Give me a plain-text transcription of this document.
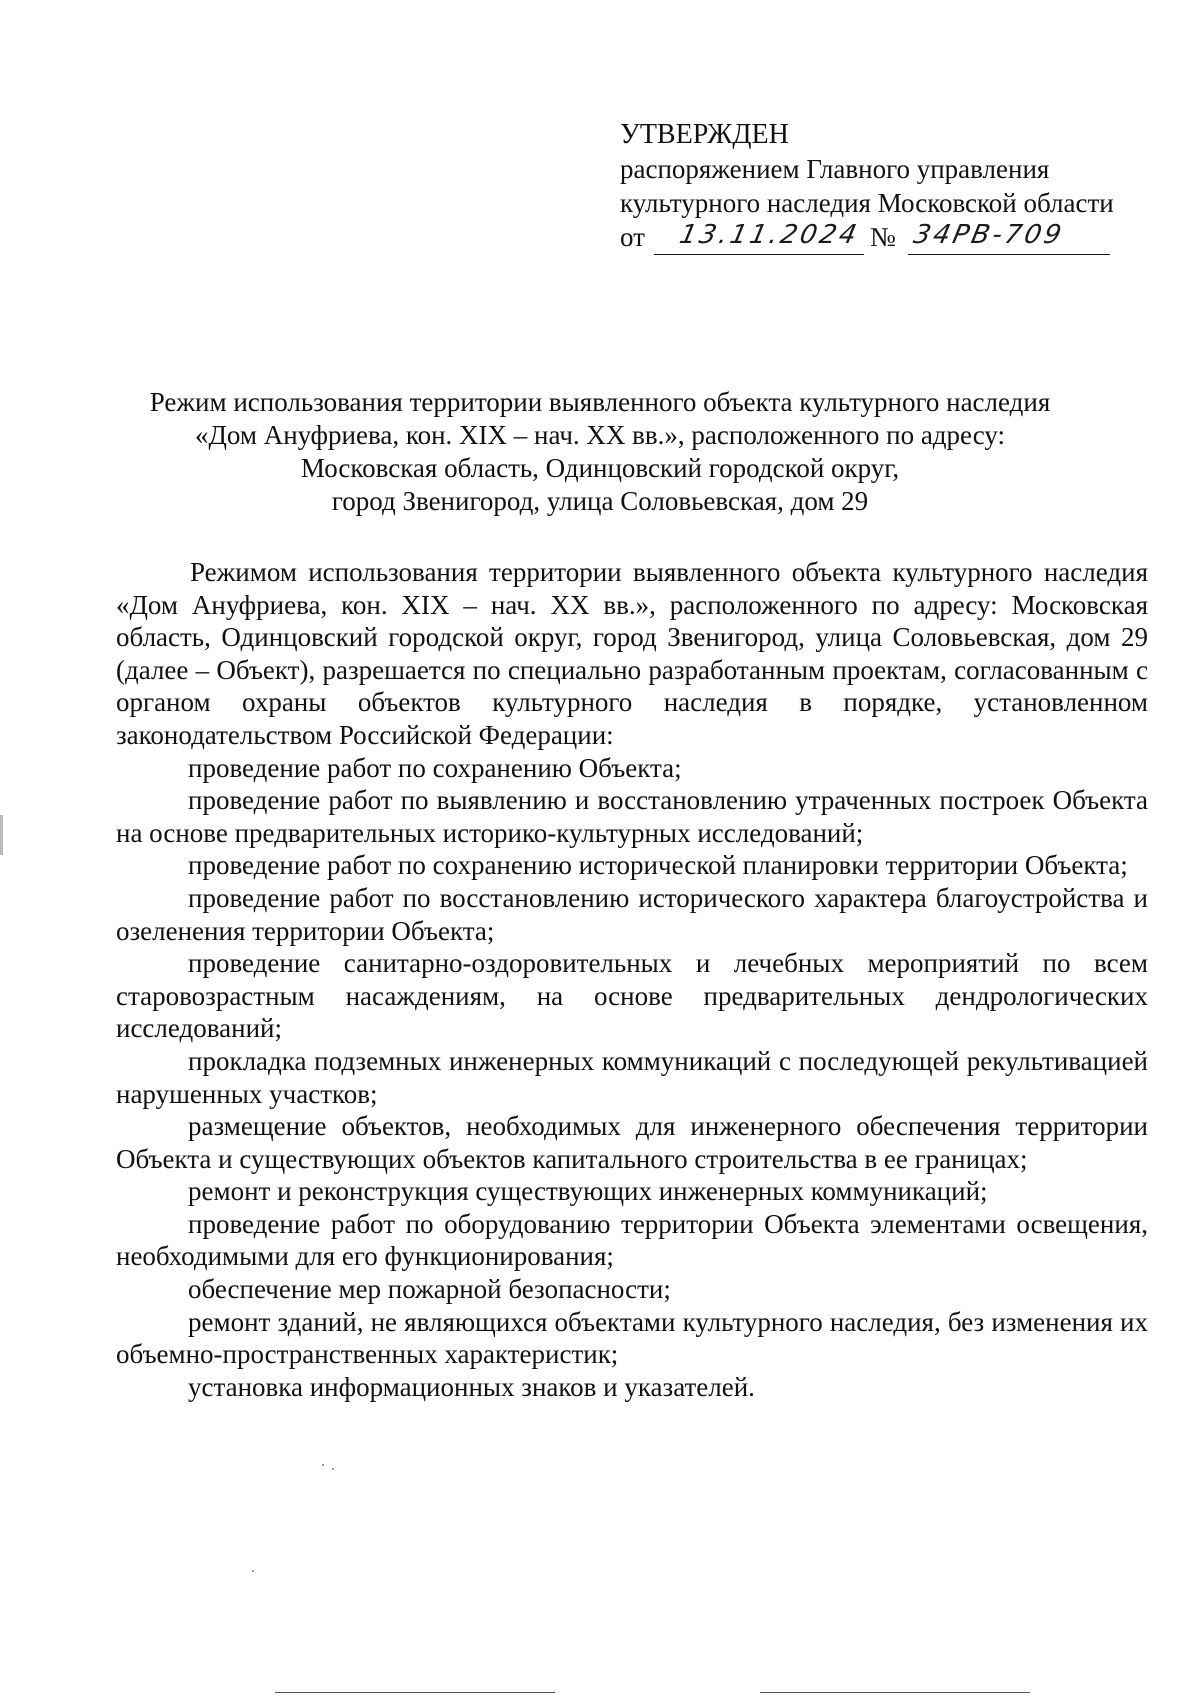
УТВЕРЖДЕН
распоряжением Главного управления
культурного наследия Московской области
от 13.11.2024 № 34РВ-709
Режим использования территории выявленного объекта культурного наследия
«Дом Ануфриева, кон. XIX – нач. XX вв.», расположенного по адресу:
Московская область, Одинцовский городской округ,
город Звенигород, улица Соловьевская, дом 29
Режимом использования территории выявленного объекта культурного наследия «Дом Ануфриева, кон. XIX – нач. XX вв.», расположенного по адресу: Московская область, Одинцовский городской округ, город Звенигород, улица Соловьевская, дом 29 (далее – Объект), разрешается по специально разработанным проектам, согласованным с органом охраны объектов культурного наследия в порядке, установленном законодательством Российской Федерации:
проведение работ по сохранению Объекта;
проведение работ по выявлению и восстановлению утраченных построек Объекта на основе предварительных историко-культурных исследований;
проведение работ по сохранению исторической планировки территории Объекта;
проведение работ по восстановлению исторического характера благоустройства и озеленения территории Объекта;
проведение санитарно-оздоровительных и лечебных мероприятий по всем старовозрастным насаждениям, на основе предварительных дендрологических исследований;
прокладка подземных инженерных коммуникаций с последующей рекультивацией нарушенных участков;
размещение объектов, необходимых для инженерного обеспечения территории Объекта и существующих объектов капитального строительства в ее границах;
ремонт и реконструкция существующих инженерных коммуникаций;
проведение работ по оборудованию территории Объекта элементами освещения, необходимыми для его функционирования;
обеспечение мер пожарной безопасности;
ремонт зданий, не являющихся объектами культурного наследия, без изменения их объемно-пространственных характеристик;
установка информационных знаков и указателей.
